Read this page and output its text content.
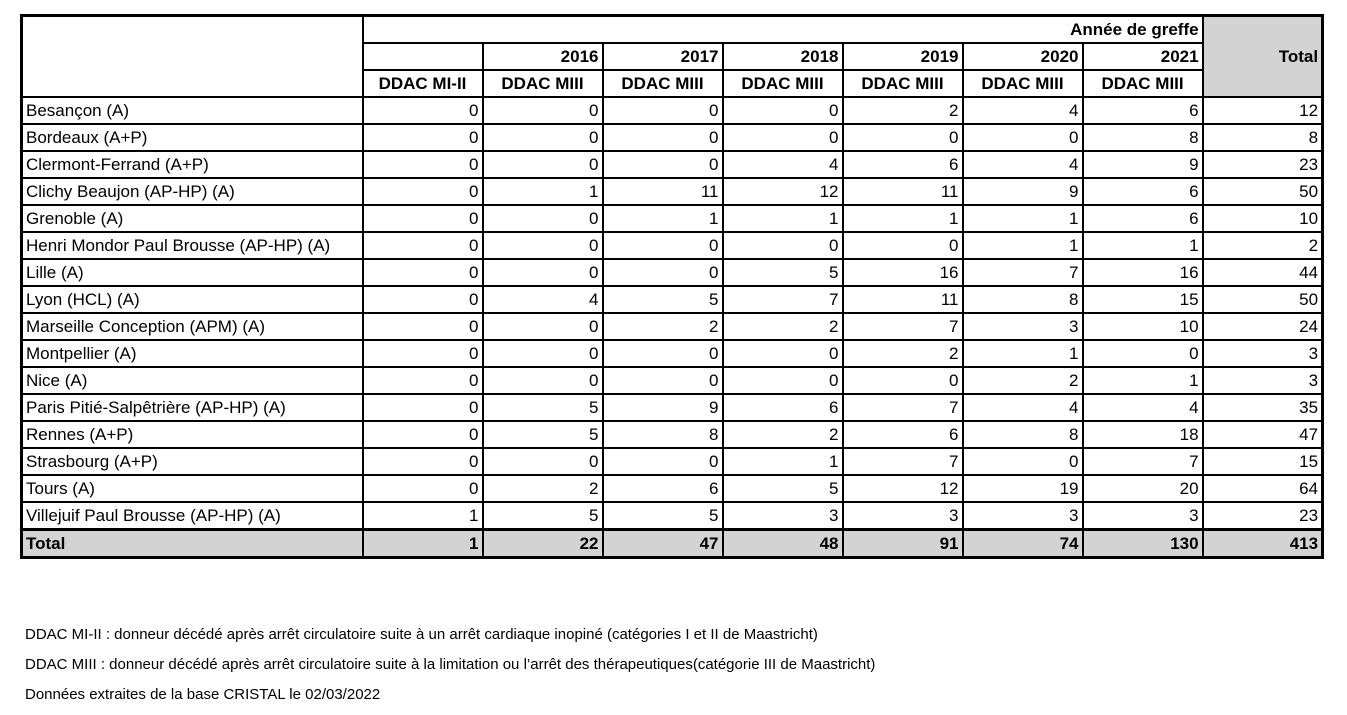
	Année de greffe							Total
		2016	2017	2018	2019	2020	2021	
	DDAC MI-II	DDAC MIII	DDAC MIII	DDAC MIII	DDAC MIII	DDAC MIII	DDAC MIII	
Besançon (A)	0	0	0	0	2	4	6	12
Bordeaux (A+P)	0	0	0	0	0	0	8	8
Clermont-Ferrand (A+P)	0	0	0	4	6	4	9	23
Clichy Beaujon (AP-HP) (A)	0	1	11	12	11	9	6	50
Grenoble (A)	0	0	1	1	1	1	6	10
Henri Mondor Paul Brousse (AP-HP) (A)	0	0	0	0	0	1	1	2
Lille (A)	0	0	0	5	16	7	16	44
Lyon (HCL) (A)	0	4	5	7	11	8	15	50
Marseille Conception (APM) (A)	0	0	2	2	7	3	10	24
Montpellier (A)	0	0	0	0	2	1	0	3
Nice (A)	0	0	0	0	0	2	1	3
Paris Pitié-Salpêtrière (AP-HP) (A)	0	5	9	6	7	4	4	35
Rennes (A+P)	0	5	8	2	6	8	18	47
Strasbourg (A+P)	0	0	0	1	7	0	7	15
Tours (A)	0	2	6	5	12	19	20	64
Villejuif Paul Brousse (AP-HP) (A)	1	5	5	3	3	3	3	23
Total	1	22	47	48	91	74	130	413

DDAC MI-II : donneur décédé après arrêt circulatoire suite à un arrêt cardiaque inopiné (catégories I et II de Maastricht)

DDAC MIII : donneur décédé après arrêt circulatoire suite à la limitation ou l’arrêt des thérapeutiques(catégorie III de Maastricht)

Données extraites de la base CRISTAL le 02/03/2022
